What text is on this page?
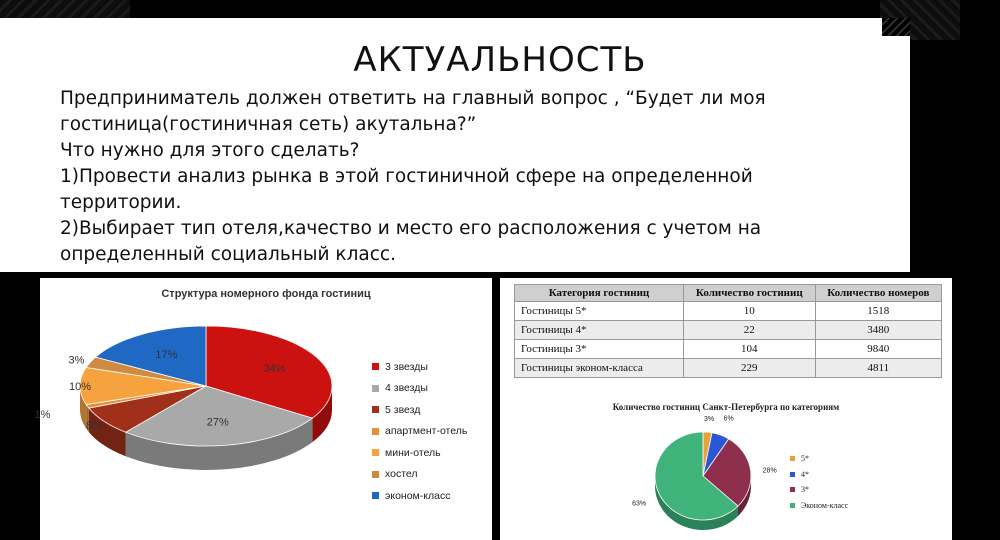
АКТУАЛЬНОСТЬ
Предприниматель должен ответить на главный вопрос , “Будет ли моя
гостиница(гостиничная сеть) акутальна?”
Что нужно для этого сделать?
1)Провести анализ рынка в этой гостиничной сфере на определенной
территории.
2)Выбирает тип отеля,качество и место его расположения с учетом на
определенный социальный класс.
Структура номерного фонда гостиниц
34%
27%
8%
1%
10%
3%	17%
3 звезды
4 звезды
5 звезд
апартмент-отель
мини-отель
хостел
эконом-класс
Категория гостиниц	Количество гостиниц	Количество номеров
Гостиницы 5*	10	1518
Гостиницы 4*	22	3480
Гостиницы 3*	104	9840
Гостиницы эконом-класса	229	4811
Количество гостиниц Санкт-Петербурга по категориям
3% 6%
28%
63%
5*
4*
3*
Эконом-класс
